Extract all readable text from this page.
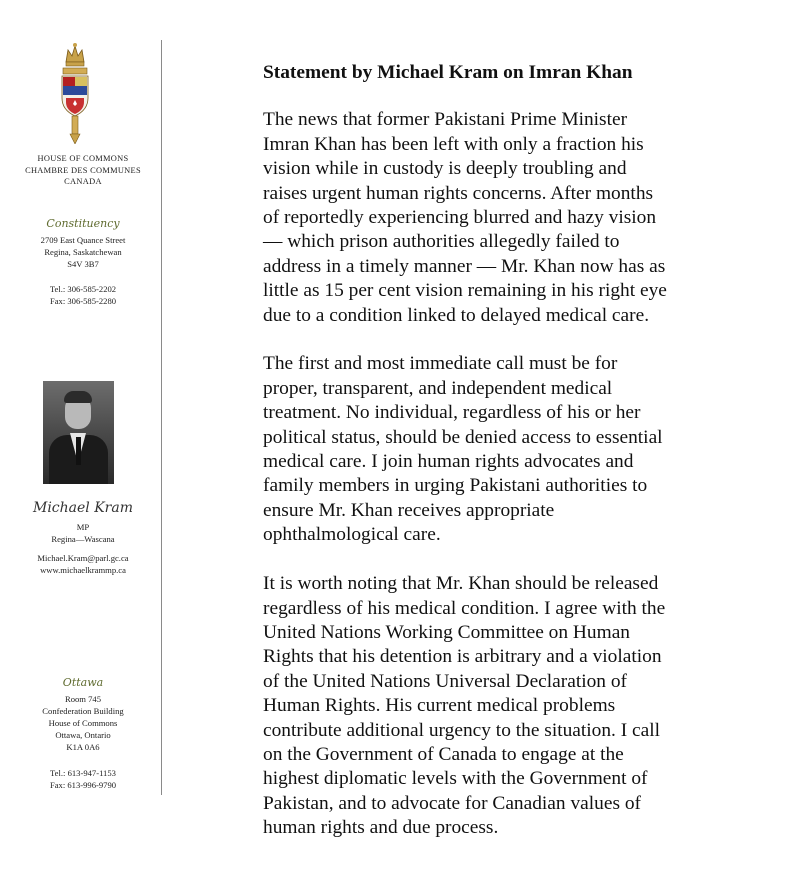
HOUSE OF COMMONS
CHAMBRE DES COMMUNES
CANADA
Constituency
2709 East Quance Street
Regina, Saskatchewan
S4V 3B7
Tel.: 306-585-2202
Fax: 306-585-2280
Michael Kram
MP
Regina—Wascana
Michael.Kram@parl.gc.ca
www.michaelkrammp.ca
Ottawa
Room 745
Confederation Building
House of Commons
Ottawa, Ontario
K1A 0A6
Tel.: 613-947-1153
Fax: 613-996-9790
Statement by Michael Kram on Imran Khan
The news that former Pakistani Prime Minister
Imran Khan has been left with only a fraction his
vision while in custody is deeply troubling and
raises urgent human rights concerns. After months
of reportedly experiencing blurred and hazy vision
— which prison authorities allegedly failed to
address in a timely manner — Mr. Khan now has as
little as 15 per cent vision remaining in his right eye
due to a condition linked to delayed medical care.
The first and most immediate call must be for
proper, transparent, and independent medical
treatment. No individual, regardless of his or her
political status, should be denied access to essential
medical care. I join human rights advocates and
family members in urging Pakistani authorities to
ensure Mr. Khan receives appropriate
ophthalmological care.
It is worth noting that Mr. Khan should be released
regardless of his medical condition. I agree with the
United Nations Working Committee on Human
Rights that his detention is arbitrary and a violation
of the United Nations Universal Declaration of
Human Rights. His current medical problems
contribute additional urgency to the situation. I call
on the Government of Canada to engage at the
highest diplomatic levels with the Government of
Pakistan, and to advocate for Canadian values of
human rights and due process.
